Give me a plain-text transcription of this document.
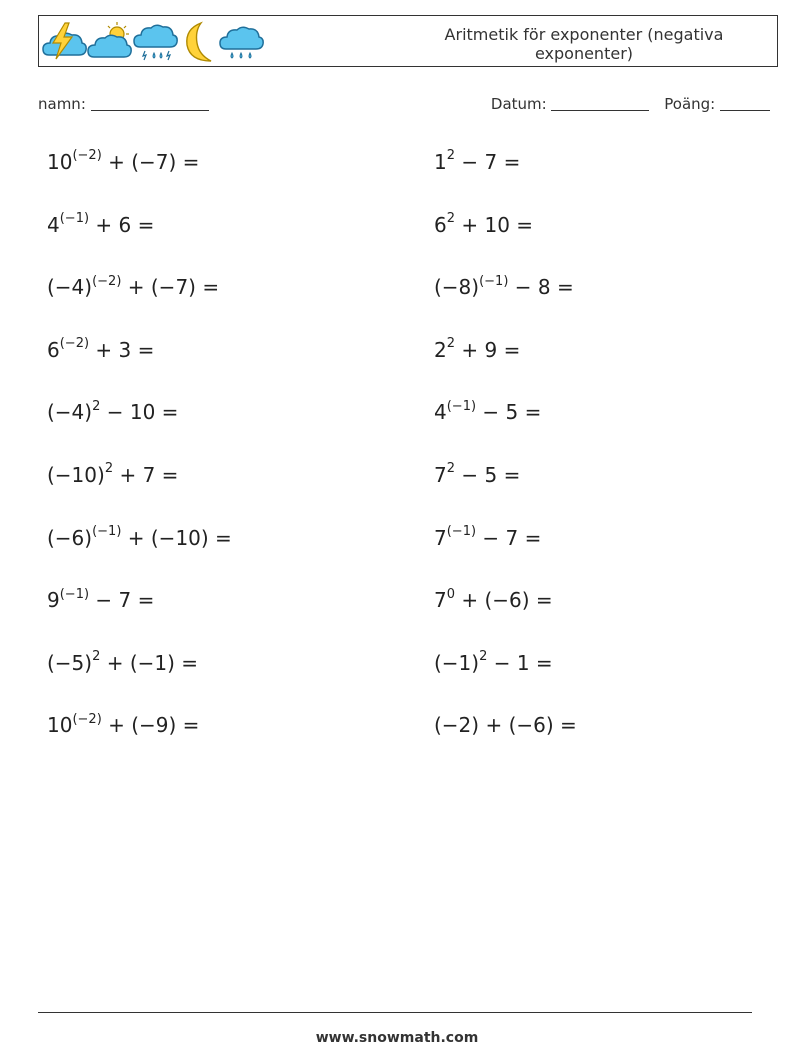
Aritmetik för exponenter (negativa exponenter)
namn:	Datum:	Poäng:
$10^{(-2)} + (-7)$ =
$4^{(-1)} + 6$ =
$(-4)^{(-2)} + (-7)$ =
$6^{(-2)} + 3$ =
$(-4)^2 - 10$ =
$(-10)^2 + 7$ =
$(-6)^{(-1)} + (-10)$ =
$9^{(-1)} - 7$ =
$(-5)^2 + (-1)$ =
$10^{(-2)} + (-9)$ =
$1^2 - 7$ =
$6^2 + 10$ =
$(-8)^{(-1)} - 8$ =
$2^2 + 9$ =
$4^{(-1)} - 5$ =
$7^2 - 5$ =
$7^{(-1)} - 7$ =
$7^0 + (-6)$ =
$(-1)^2 - 1$ =
(−2) + (−6) =
www.snowmath.com
